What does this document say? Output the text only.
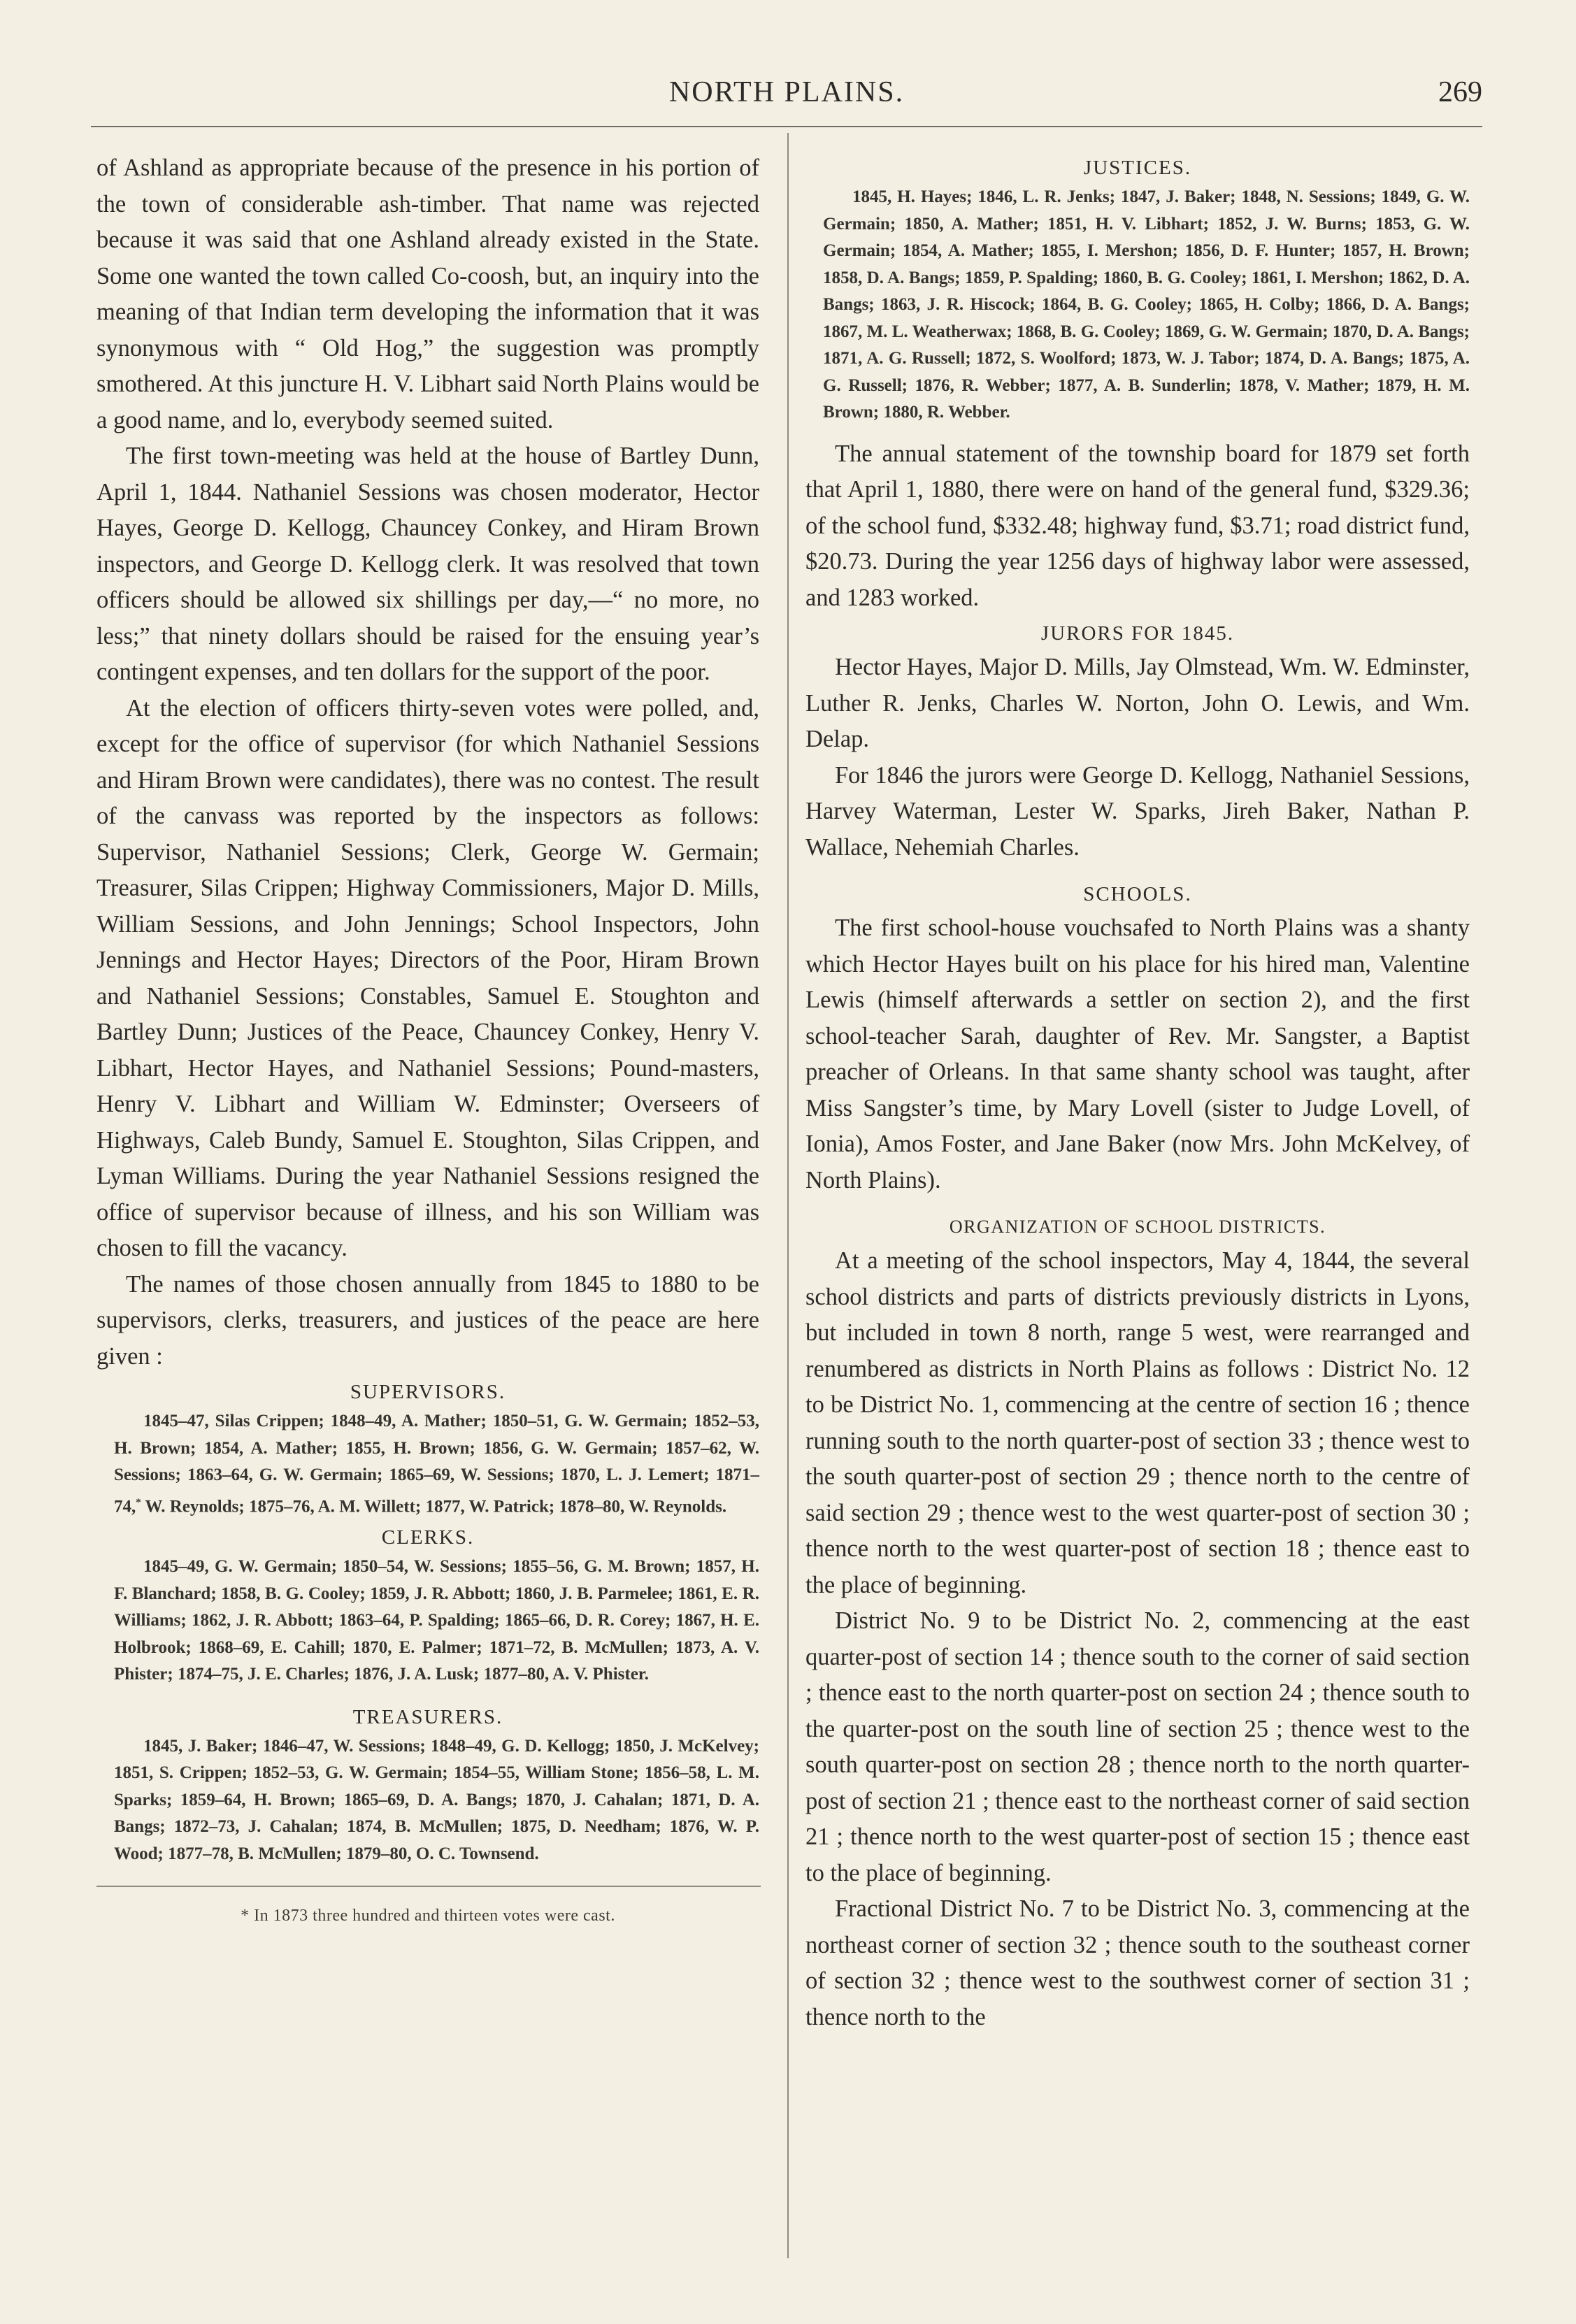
NORTH PLAINS.	269

of Ashland as appropriate because of the presence in his portion of the town of considerable ash-timber. That name was rejected because it was said that one Ashland already existed in the State. Some one wanted the town called Co-coosh, but, an inquiry into the meaning of that Indian term developing the information that it was synonymous with “ Old Hog,” the suggestion was promptly smothered. At this juncture H. V. Libhart said North Plains would be a good name, and lo, everybody seemed suited.

The first town-meeting was held at the house of Bartley Dunn, April 1, 1844. Nathaniel Sessions was chosen moderator, Hector Hayes, George D. Kellogg, Chauncey Conkey, and Hiram Brown inspectors, and George D. Kellogg clerk. It was resolved that town officers should be allowed six shillings per day,—“ no more, no less;” that ninety dollars should be raised for the ensuing year’s contingent expenses, and ten dollars for the support of the poor.

At the election of officers thirty-seven votes were polled, and, except for the office of supervisor (for which Nathaniel Sessions and Hiram Brown were candidates), there was no contest. The result of the canvass was reported by the inspectors as follows: Supervisor, Nathaniel Sessions; Clerk, George W. Germain; Treasurer, Silas Crippen; Highway Commissioners, Major D. Mills, William Sessions, and John Jennings; School Inspectors, John Jennings and Hector Hayes; Directors of the Poor, Hiram Brown and Nathaniel Sessions; Constables, Samuel E. Stoughton and Bartley Dunn; Justices of the Peace, Chauncey Conkey, Henry V. Libhart, Hector Hayes, and Nathaniel Sessions; Pound-masters, Henry V. Libhart and William W. Edminster; Overseers of Highways, Caleb Bundy, Samuel E. Stoughton, Silas Crippen, and Lyman Williams. During the year Nathaniel Sessions resigned the office of supervisor because of illness, and his son William was chosen to fill the vacancy.

The names of those chosen annually from 1845 to 1880 to be supervisors, clerks, treasurers, and justices of the peace are here given :

SUPERVISORS.

1845–47, Silas Crippen; 1848–49, A. Mather; 1850–51, G. W. Germain; 1852–53, H. Brown; 1854, A. Mather; 1855, H. Brown; 1856, G. W. Germain; 1857–62, W. Sessions; 1863–64, G. W. Germain; 1865–69, W. Sessions; 1870, L. J. Lemert; 1871–74,* W. Reynolds; 1875–76, A. M. Willett; 1877, W. Patrick; 1878–80, W. Reynolds.

CLERKS.

1845–49, G. W. Germain; 1850–54, W. Sessions; 1855–56, G. M. Brown; 1857, H. F. Blanchard; 1858, B. G. Cooley; 1859, J. R. Abbott; 1860, J. B. Parmelee; 1861, E. R. Williams; 1862, J. R. Abbott; 1863–64, P. Spalding; 1865–66, D. R. Corey; 1867, H. E. Holbrook; 1868–69, E. Cahill; 1870, E. Palmer; 1871–72, B. McMullen; 1873, A. V. Phister; 1874–75, J. E. Charles; 1876, J. A. Lusk; 1877–80, A. V. Phister.

TREASURERS.

1845, J. Baker; 1846–47, W. Sessions; 1848–49, G. D. Kellogg; 1850, J. McKelvey; 1851, S. Crippen; 1852–53, G. W. Germain; 1854–55, William Stone; 1856–58, L. M. Sparks; 1859–64, H. Brown; 1865–69, D. A. Bangs; 1870, J. Cahalan; 1871, D. A. Bangs; 1872–73, J. Cahalan; 1874, B. McMullen; 1875, D. Needham; 1876, W. P. Wood; 1877–78, B. McMullen; 1879–80, O. C. Townsend.

* In 1873 three hundred and thirteen votes were cast.
JUSTICES.

1845, H. Hayes; 1846, L. R. Jenks; 1847, J. Baker; 1848, N. Sessions; 1849, G. W. Germain; 1850, A. Mather; 1851, H. V. Libhart; 1852, J. W. Burns; 1853, G. W. Germain; 1854, A. Mather; 1855, I. Mershon; 1856, D. F. Hunter; 1857, H. Brown; 1858, D. A. Bangs; 1859, P. Spalding; 1860, B. G. Cooley; 1861, I. Mershon; 1862, D. A. Bangs; 1863, J. R. Hiscock; 1864, B. G. Cooley; 1865, H. Colby; 1866, D. A. Bangs; 1867, M. L. Weatherwax; 1868, B. G. Cooley; 1869, G. W. Germain; 1870, D. A. Bangs; 1871, A. G. Russell; 1872, S. Woolford; 1873, W. J. Tabor; 1874, D. A. Bangs; 1875, A. G. Russell; 1876, R. Webber; 1877, A. B. Sunderlin; 1878, V. Mather; 1879, H. M. Brown; 1880, R. Webber.

The annual statement of the township board for 1879 set forth that April 1, 1880, there were on hand of the general fund, $329.36; of the school fund, $332.48; highway fund, $3.71; road district fund, $20.73. During the year 1256 days of highway labor were assessed, and 1283 worked.

JURORS FOR 1845.

Hector Hayes, Major D. Mills, Jay Olmstead, Wm. W. Edminster, Luther R. Jenks, Charles W. Norton, John O. Lewis, and Wm. Delap.

For 1846 the jurors were George D. Kellogg, Nathaniel Sessions, Harvey Waterman, Lester W. Sparks, Jireh Baker, Nathan P. Wallace, Nehemiah Charles.

SCHOOLS.

The first school-house vouchsafed to North Plains was a shanty which Hector Hayes built on his place for his hired man, Valentine Lewis (himself afterwards a settler on section 2), and the first school-teacher Sarah, daughter of Rev. Mr. Sangster, a Baptist preacher of Orleans. In that same shanty school was taught, after Miss Sangster’s time, by Mary Lovell (sister to Judge Lovell, of Ionia), Amos Foster, and Jane Baker (now Mrs. John McKelvey, of North Plains).

ORGANIZATION OF SCHOOL DISTRICTS.

At a meeting of the school inspectors, May 4, 1844, the several school districts and parts of districts previously districts in Lyons, but included in town 8 north, range 5 west, were rearranged and renumbered as districts in North Plains as follows : District No. 12 to be District No. 1, commencing at the centre of section 16 ; thence running south to the north quarter-post of section 33 ; thence west to the south quarter-post of section 29 ; thence north to the centre of said section 29 ; thence west to the west quarter-post of section 30 ; thence north to the west quarter-post of section 18 ; thence east to the place of beginning.

District No. 9 to be District No. 2, commencing at the east quarter-post of section 14 ; thence south to the corner of said section ; thence east to the north quarter-post on section 24 ; thence south to the quarter-post on the south line of section 25 ; thence west to the south quarter-post on section 28 ; thence north to the north quarter-post of section 21 ; thence east to the northeast corner of said section 21 ; thence north to the west quarter-post of section 15 ; thence east to the place of beginning.

Fractional District No. 7 to be District No. 3, commencing at the northeast corner of section 32 ; thence south to the southeast corner of section 32 ; thence west to the southwest corner of section 31 ; thence north to the
